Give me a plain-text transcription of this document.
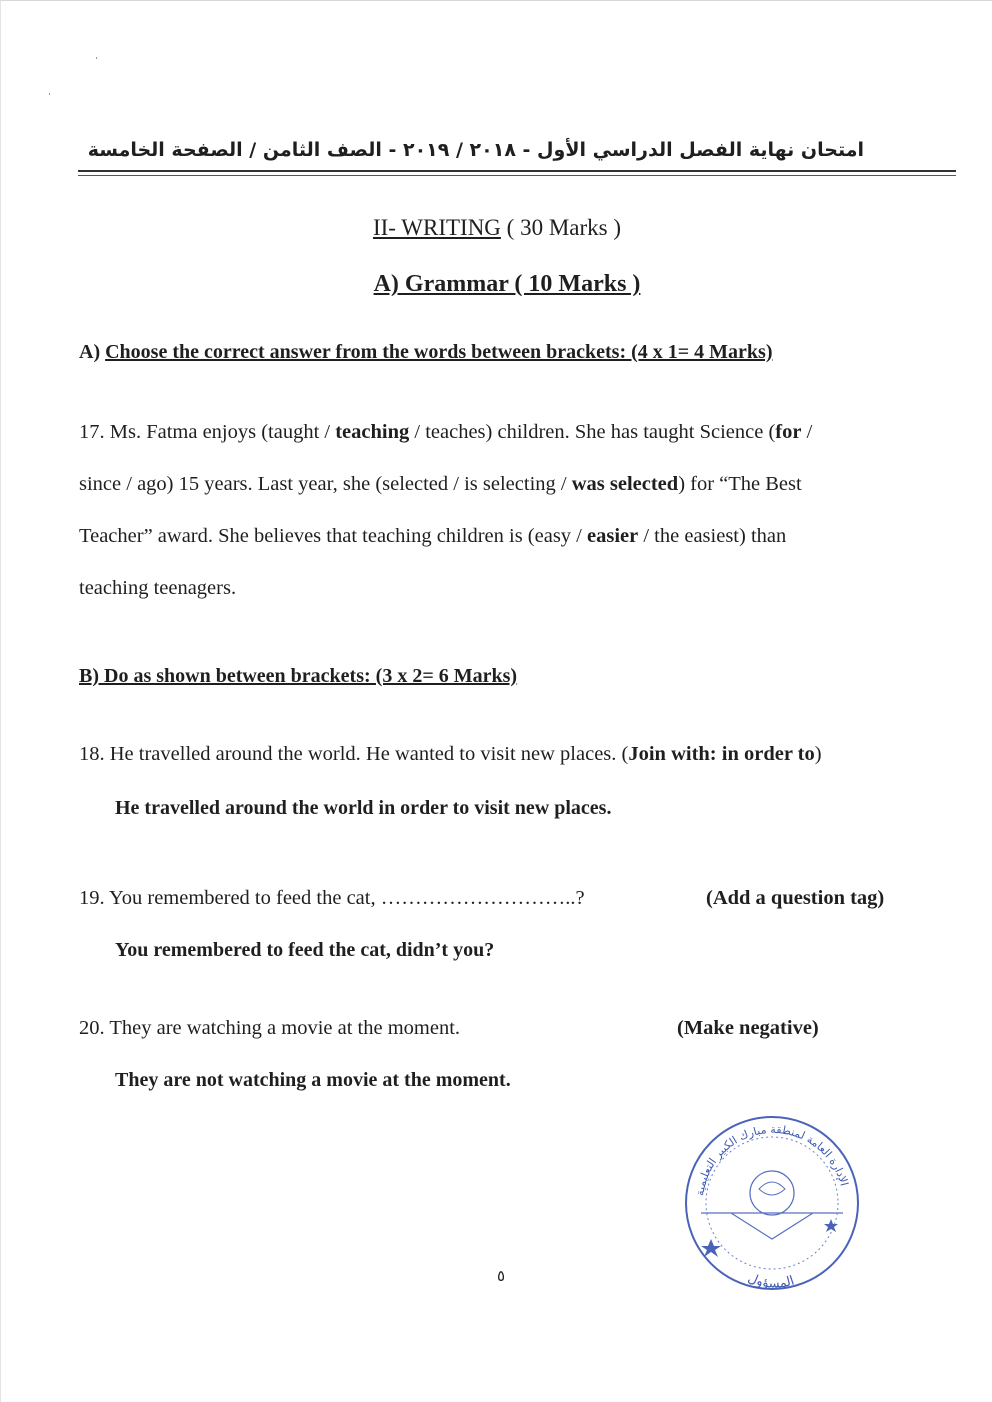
امتحان نهاية الفصل الدراسي الأول - ٢٠١٨ / ٢٠١٩ - الصف الثامن / الصفحة الخامسة
II- WRITING ( 30 Marks )
A) Grammar ( 10 Marks )
A) Choose the correct answer from the words between brackets: (4 x 1= 4 Marks)
17. Ms. Fatma enjoys (taught / teaching / teaches) children. She has taught Science (for /
since / ago) 15 years. Last year, she (selected / is selecting / was selected) for “The Best
Teacher” award. She believes that teaching children is (easy / easier / the easiest) than
teaching teenagers.
B) Do as shown between brackets: (3 x 2= 6 Marks)
18. He travelled around the world. He wanted to visit new places. (Join with: in order to)
He travelled around the world in order to visit new places.
19. You remembered to feed the cat, ………………………..?	(Add a question tag)
You remembered to feed the cat, didn’t you?
20. They are watching a movie at the moment.	(Make negative)
They are not watching a movie at the moment.
الإدارة العامة لمنطقة مبارك الكبير التعليمية
المسؤول
٥
